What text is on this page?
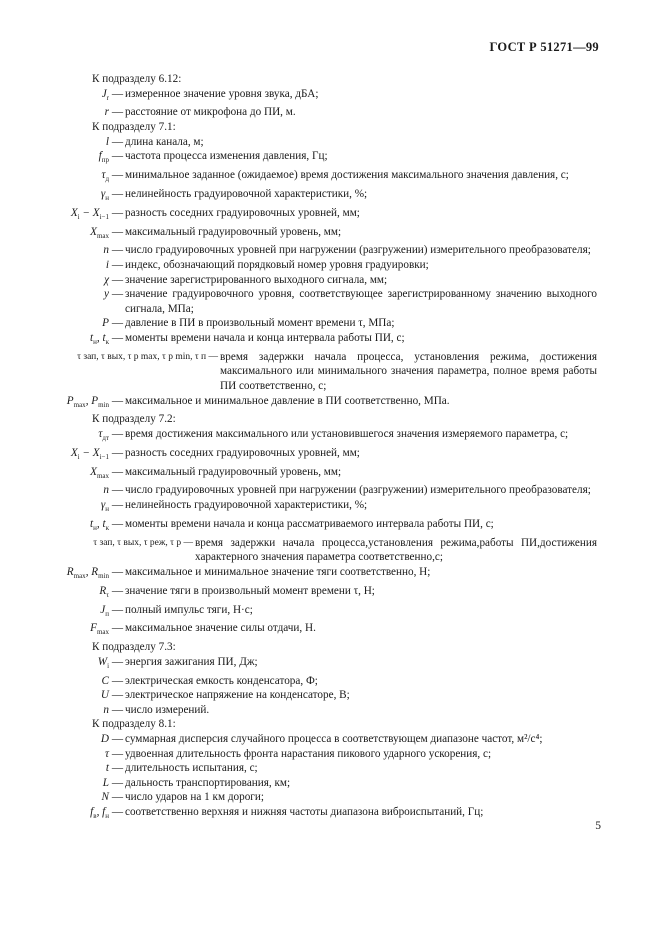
ГОСТ Р 51271—99
К подразделу 6.12:
$J_r$ — измеренное значение уровня звука, дБА;
r — расстояние от микрофона до ПИ, м.
К подразделу 7.1:
l — длина канала, м;
$f_{пр}$ — частота процесса изменения давления, Гц;
$\tau_д$ — минимальное заданное (ожидаемое) время достижения максимального значения давления, с;
$\gamma_н$ — нелинейность градуировочной характеристики, %;
$X_i - X_{i-1}$ — разность соседних градуировочных уровней, мм;
$X_{max}$ — максимальный градуировочный уровень, мм;
n — число градуировочных уровней при нагружении (разгружении) измерительного преобразователя;
i — индекс, обозначающий порядковый номер уровня градуировки;
χ — значение зарегистрированного выходного сигнала, мм;
y — значение градуировочного уровня, соответствующее зарегистрированному значению выходного сигнала, МПа;
P — давление в ПИ в произвольный момент времени τ, МПа;
$t_н$, $t_к$ — моменты времени начала и конца интервала работы ПИ, с;
τ зап, τ вых, τ p max, τ p min, τ п — время задержки начала процесса, установления режима, достижения максимального или минимального значения параметра, полное время работы ПИ соответственно, с;
$P_{max}$, $P_{min}$ — максимальное и минимальное давление в ПИ соответственно, МПа.
К подразделу 7.2:
$\tau_{дт}$ — время достижения максимального или установившегося значения измеряемого параметра, с;
$X_i - X_{i-1}$ — разность соседних градуировочных уровней, мм;
$X_{max}$ — максимальный градуировочный уровень, мм;
n — число градуировочных уровней при нагружении (разгружении) измерительного преобразователя;
$\gamma_н$ — нелинейность градуировочной характеристики, %;
$t_н$, $t_к$ — моменты времени начала и конца рассматриваемого интервала работы ПИ, с;
τ зап, τ вых, τ реж, τ р — время задержки начала процесса,установления режима,работы ПИ,достижения характерного значения параметра соответственно,с;
$R_{max}$, $R_{min}$ — максимальное и минимальное значение тяги соответственно, Н;
$R_\tau$ — значение тяги в произвольный момент времени τ, Н;
$J_п$ — полный импульс тяги, Н·с;
$F_{max}$ — максимальное значение силы отдачи, Н.
К подразделу 7.3:
$W_i$ — энергия зажигания ПИ, Дж;
C — электрическая емкость конденсатора, Ф;
U — электрическое напряжение на конденсаторе, В;
n — число измерений.
К подразделу 8.1:
D — суммарная дисперсия случайного процесса в соответствующем диапазоне частот, м²/с⁴;
τ — удвоенная длительность фронта нарастания пикового ударного ускорения, с;
t — длительность испытания, с;
L — дальность транспортирования, км;
N — число ударов на 1 км дороги;
$f_в$, $f_н$ — соответственно верхняя и нижняя частоты диапазона виброиспытаний, Гц;
5
